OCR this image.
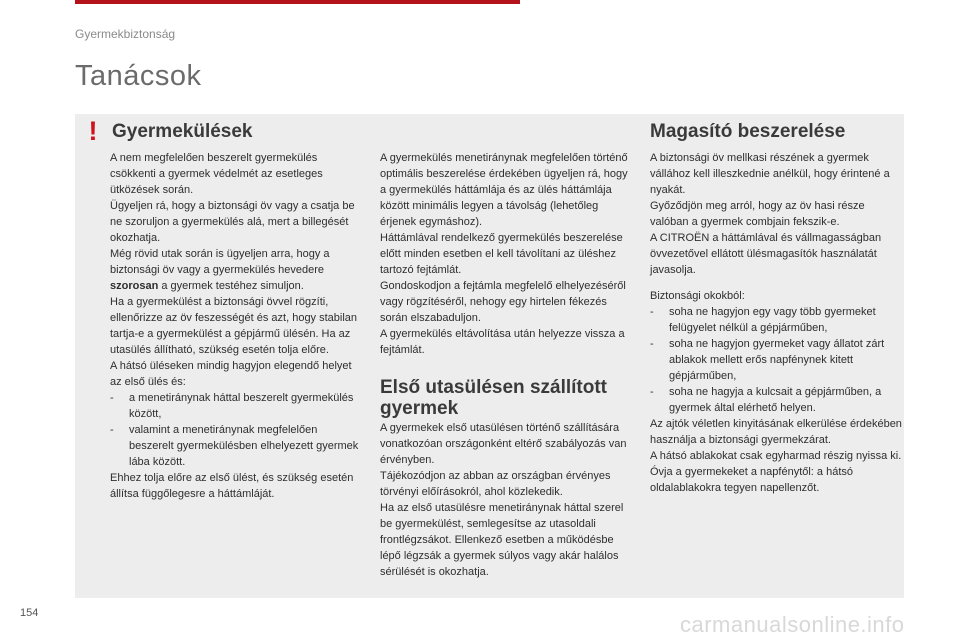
Gyermekbiztonság
Tanácsok
! Gyermekülések

A nem megfelelően beszerelt gyermekülés csökkenti a gyermek védelmét az esetleges ütközések során.

Ügyeljen rá, hogy a biztonsági öv vagy a csatja be ne szoruljon a gyermekülés alá, mert a billegését okozhatja.

Még rövid utak során is ügyeljen arra, hogy a biztonsági öv vagy a gyermekülés hevedere
szorosan a gyermek testéhez simuljon.

Ha a gyermekülést a biztonsági övvel rögzíti, ellenőrizze az öv feszességét és azt, hogy stabilan tartja-e a gyermekülést a gépjármű ülésén. Ha az utasülés állítható, szükség esetén tolja előre.

A hátsó üléseken mindig hagyjon elegendő helyet az első ülés és:

- a menetiránynak háttal beszerelt gyermekülés között,
- valamint a menetiránynak megfelelően beszerelt gyermekülésben elhelyezett gyermek lába között.

Ehhez tolja előre az első ülést, és szükség esetén állítsa függőlegesre a háttámláját.

A gyermekülés menetiránynak megfelelően történő optimális beszerelése érdekében ügyeljen rá, hogy a gyermekülés háttámlája és az ülés háttámlája között minimális legyen a távolság (lehetőleg érjenek egymáshoz).

Háttámlával rendelkező gyermekülés beszerelése előtt minden esetben el kell távolítani az üléshez tartozó fejtámlát.

Gondoskodjon a fejtámla megfelelő elhelyezéséről vagy rögzítéséről, nehogy egy hirtelen fékezés során elszabaduljon.

A gyermekülés eltávolítása után helyezze vissza a fejtámlát.

Első utasülésen szállított
gyermek

A gyermekek első utasülésen történő szállítására vonatkozóan országonként eltérő szabályozás van érvényben.

Tájékozódjon az abban az országban érvényes törvényi előírásokról, ahol közlekedik.

Ha az első utasülésre menetiránynak háttal szerel be gyermekülést, semlegesítse az utasoldali frontlégzsákot. Ellenkező esetben a működésbe lépő légzsák a gyermek súlyos vagy akár halálos sérülését is okozhatja.

Magasító beszerelése

A biztonsági öv mellkasi részének a gyermek vállához kell illeszkednie anélkül, hogy érintené a nyakát.

Győződjön meg arról, hogy az öv hasi része valóban a gyermek combjain fekszik-e.

A CITROËN a háttámlával és vállmagasságban övvezetővel ellátott ülésmagasítók használatát javasolja.

Biztonsági okokból:

- soha ne hagyjon egy vagy több gyermeket felügyelet nélkül a gépjárműben,
- soha ne hagyjon gyermeket vagy állatot zárt ablakok mellett erős napfénynek kitett gépjárműben,
- soha ne hagyja a kulcsait a gépjárműben, a gyermek által elérhető helyen.

Az ajtók véletlen kinyitásának elkerülése érdekében használja a biztonsági gyermekzárat.

A hátsó ablakokat csak egyharmad részig nyissa ki.

Óvja a gyermekeket a napfénytől: a hátsó oldalablakokra tegyen napellenzőt.

154	carmanualsonline.info
